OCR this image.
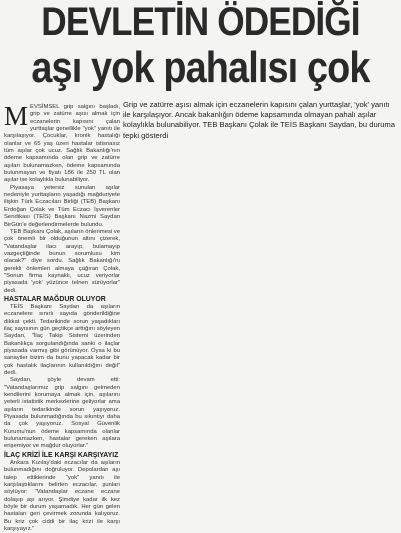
DEVLETİN ÖDEDİĞİ
aşı yok pahalısı çok
Grip ve zatürre aşısı almak için eczanelerin kapısını çalan yurttaşlar, 'yok' yanıtı ile karşılaşıyor. Ancak bakanlığın ödeme kapsamında olmayan pahalı aşılar kolaylıkla bulunabiliyor. TEB Başkanı Çolak ile TEİS Başkanı Saydan, bu duruma tepki gösterdi

MEVSİMSEL grip salgını başladı, grip ve zatürre aşısı almak için eczanelerin kapısını çalan yurttaşlar genellikle "yok" yanıtı ile karşılaşıyor. Çocuklar, kronik hastalığı olanlar ve 65 yaş üzeri hastalar istisnasız tüm aşılar çok ucuz. Sağlık Bakanlığı'nın ödeme kapsamında olan grip ve zatürre aşıları bulunamazken, ödeme kapsamında bulunmayan ve fiyatı 186 ile 250 TL olan aşılar ise kolaylıkla bulunabiliyor.

Piyasaya yetersiz sunulan aşılar nedeniyle yurttaşların yaşadığı mağduriyete ilişkin Türk Eczacıları Birliği (TEB) Başkanı Erdoğan Çolak ve Tüm Eczacı İşverenler Sendikası (TEİS) Başkanı Nazmi Saydan BirGün'e değerlendirmelerde bulundu.

TEB Başkanı Çolak, aşıların önlenmesi ve çok önemli bir olduğunun altını çizerek, "Vatandaşlar ilacı arayıp, bulamayıp vazgeçtiğinde bunun sorumlusu kim olacak?" diye sordu. Sağlık Bakanlığı'nı gerekli önlemleri almaya çağıran Çolak, "Sonun firma kaynaklı, ucuz veriyorlar piyasada 'yok' yüzünce telnen sürüyorlar" dedi.

HASTALAR MAĞDUR OLUYOR

TEİS Başkanı Saydan da aşıların eczanelere sınırlı sayıda gönderildiğine dikkat çekti. Tedarikinde sorun yaşadıkları ilaç sayısının gün geçtikçe arttığını söyleyen Saydan, "İlaç Takip Sistemi üzerinden Bakanlıkça sorgulandığında sanki o ilaçlar piyasada varmış gibi görünüyor. Oysa ki bu sanayiler bizim da bunu yapacak kadar bir çok hastalık ilaçlarının kullanıldığını değil" dedi.

Saydan, şöyle devam etti: "Vatandaşlarımız grip salgını gelmeden kendilerini korumaya almak için, aşılarını yeterli istatistik merkezlerine geliyorlar ama aşıların tedarikinde sorun yaşıyoruz. Piyasada bulunmadığında bu sıkıntıyı daha da çok yaşıyoruz. Sosyal Güvenlik Kurumu'nun ödeme kapsamında olanlar bulunamazken, hastalar gereken aşılara erişemiyor ve mağdur oluyorlar."

İLAÇ KRİZİ İLE KARŞI KARŞIYAYIZ

Ankara Kızılay'daki eczacılar da aşıların bulunmadığını doğruluyor. Depolardan aşı talep ettiklerinde "yok" yanıtı ile karşılaştıklarını belirten eczacılar, şunları söylüyor: "Vatandaşlar eczane eczane dolaşıp aşı arıyor. Şimdiye kadar ilk kez böyle bir durum yaşamadık. Her gün gelen hastaları geri çevirmek zorunda kalıyoruz. Bu kriz çok ciddi bir ilaç krizi ile karşı karşıyayız."
